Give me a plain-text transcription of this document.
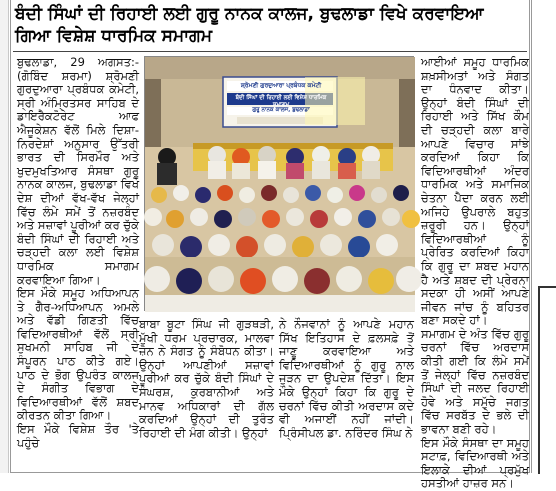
ਬੰਦੀ ਸਿੰਘਾਂ ਦੀ ਰਿਹਾਈ ਲਈ ਗੁਰੂ ਨਾਨਕ ਕਾਲਜ, ਬੁਢਲਾਡਾ ਵਿਖੇ ਕਰਵਾਇਆ ਗਿਆ ਵਿਸ਼ੇਸ਼ ਧਾਰਮਿਕ ਸਮਾਗਮ

ਬੁਢਲਾਡਾ, 29 ਅਗਸਤ:- (ਗੋਬਿੰਦ ਸ਼ਰਮਾ) ਸ਼੍ਰੋਮਣੀ ਗੁਰਦੁਆਰਾ ਪ੍ਰਬੰਧਕ ਕਮੇਟੀ, ਸ੍ਰੀ ਅੰਮ੍ਰਿਤਸਰ ਸਾਹਿਬ ਦੇ ਡਾਇਰੈਕਟੋਰੇਟ ਆਫ ਐਜੂਕੇਸ਼ਨ ਵੱਲੋਂ ਮਿਲੇ ਦਿਸ਼ਾ-ਨਿਰਦੇਸ਼ਾਂ ਅਨੁਸਾਰ ਉੱਤਰੀ ਭਾਰਤ ਦੀ ਸਿਰਮੌਰ ਅਤੇ ਖੁਦਮੁਖਤਿਆਰ ਸੰਸਥਾ ਗੁਰੂ ਨਾਨਕ ਕਾਲਜ, ਬੁਢਲਾਡਾ ਵਿਖੇ ਦੇਸ਼ ਦੀਆਂ ਵੱਖ-ਵੱਖ ਜੇਲ੍ਹਾਂ ਵਿੱਚ ਲੰਮੇ ਸਮੇਂ ਤੋਂ ਨਜ਼ਰਬੰਦ ਅਤੇ ਸਜ਼ਾਵਾਂ ਪੂਰੀਆਂ ਕਰ ਚੁੱਕੇ ਬੰਦੀ ਸਿੰਘਾਂ ਦੀ ਰਿਹਾਈ ਅਤੇ ਚੜ੍ਹਦੀ ਕਲਾ ਲਈ ਵਿਸ਼ੇਸ਼ ਧਾਰਮਿਕ ਸਮਾਗਮ ਕਰਵਾਇਆ ਗਿਆ।

ਇਸ ਮੌਕੇ ਸਮੂਹ ਅਧਿਆਪਨ ਤੇ ਗੈਰ-ਅਧਿਆਪਨ ਅਮਲੇ ਅਤੇ ਵੱਡੀ ਗਿਣਤੀ ਵਿੱਚ ਵਿਦਿਆਰਥੀਆਂ ਵੱਲੋਂ ਸ੍ਰੀ ਸੁਖਮਨੀ ਸਾਹਿਬ ਜੀ ਦੇ ਸੰਪੂਰਨ ਪਾਠ ਕੀਤੇ ਗਏ। ਪਾਠ ਦੇ ਭੋਗ ਉਪਰੰਤ ਕਾਲਜ ਦੇ ਸੰਗੀਤ ਵਿਭਾਗ ਦੇ ਵਿਦਿਆਰਥੀਆਂ ਵੱਲੋਂ ਸ਼ਬਦ ਕੀਰਤਨ ਕੀਤਾ ਗਿਆ।

ਇਸ ਮੌਕੇ ਵਿਸ਼ੇਸ਼ ਤੌਰ 'ਤੇ ਪਹੁੰਚੇ

ਸ਼੍ਰੋਮਣੀ ਗੁਰਦੁਆਰਾ ਪ੍ਰਬੰਧਕ ਕਮੇਟੀ
ਬੰਦੀ ਸਿੰਘਾਂ ਦੀ ਰਿਹਾਈ ਲਈ ਵਿਸ਼ੇਸ਼ ਧਾਰਮਿਕ ਸਮਾਗਮ
ਗੁਰੂ ਨਾਨਕ ਕਾਲਜ, ਬੁਢਲਾਡਾ

ਬਾਬਾ ਬੂਟਾ ਸਿੰਘ ਜੀ ਗੁੜਥੜੀ, ਮੁੱਖੀ ਧਰਮ ਪ੍ਰਚਾਰਕ, ਮਾਲਵਾ ਜ਼ੋਨ ਨੇ ਸੰਗਤ ਨੂੰ ਸੰਬੋਧਨ ਕੀਤਾ। ਉਨ੍ਹਾਂ ਆਪਣੀਆਂ ਸਜ਼ਾਵਾਂ ਪੂਰੀਆਂ ਕਰ ਚੁੱਕੇ ਬੰਦੀ ਸਿੰਘਾਂ ਦੇ ਸੰਘਰਸ਼, ਕੁਰਬਾਨੀਆਂ ਅਤੇ ਮਾਨਵ ਅਧਿਕਾਰਾਂ ਦੀ ਗੱਲ ਕਰਦਿਆਂ ਉਨ੍ਹਾਂ ਦੀ ਤੁਰੰਤ ਰਿਹਾਈ ਦੀ ਮੰਗ ਕੀਤੀ। ਉਨ੍ਹਾਂ

ਨੇ ਨੌਜਵਾਨਾਂ ਨੂੰ ਆਪਣੇ ਮਹਾਨ ਸਿੱਖ ਇਤਿਹਾਸ ਦੇ ਫ਼ਲਸਫ਼ੇ ਤੋਂ ਜਾਣੂ ਕਰਵਾਇਆ ਅਤੇ ਵਿਦਿਆਰਥੀਆਂ ਨੂੰ ਗੁਰੂ ਨਾਲ ਜੁੜਨ ਦਾ ਉਪਦੇਸ਼ ਦਿੱਤਾ। ਇਸ ਮੌਕੇ ਉਨ੍ਹਾਂ ਕਿਹਾ ਕਿ ਗੁਰੂ ਦੇ ਚਰਨਾਂ ਵਿੱਚ ਕੀਤੀ ਅਰਦਾਸ ਕਦੇ ਵੀ ਅਜਾਈਂ ਨਹੀਂ ਜਾਂਦੀ। ਪ੍ਰਿੰਸੀਪਲ ਡਾ. ਨਰਿੰਦਰ ਸਿੰਘ ਨੇ

ਆਈਆਂ ਸਮੂਹ ਧਾਰਮਿਕ ਸ਼ਖ਼ਸੀਅਤਾਂ ਅਤੇ ਸੰਗਤ ਦਾ ਧੰਨਵਾਦ ਕੀਤਾ। ਉਨ੍ਹਾਂ ਬੰਦੀ ਸਿੰਘਾਂ ਦੀ ਰਿਹਾਈ ਅਤੇ ਸਿੱਖ ਕੌਮ ਦੀ ਚੜ੍ਹਦੀ ਕਲਾ ਬਾਰੇ ਆਪਣੇ ਵਿਚਾਰ ਸਾਂਝੇ ਕਰਦਿਆਂ ਕਿਹਾ ਕਿ ਵਿਦਿਆਰਥੀਆਂ ਅੰਦਰ ਧਾਰਮਿਕ ਅਤੇ ਸਮਾਜਿਕ ਚੇਤਨਾ ਪੈਦਾ ਕਰਨ ਲਈ ਅਜਿਹੇ ਉਪਰਾਲੇ ਬਹੁਤ ਜ਼ਰੂਰੀ ਹਨ। ਉਨ੍ਹਾਂ ਵਿਦਿਆਰਥੀਆਂ ਨੂੰ ਪ੍ਰੇਰਿਤ ਕਰਦਿਆਂ ਕਿਹਾ ਕਿ ਗੁਰੂ ਦਾ ਸ਼ਬਦ ਮਹਾਨ ਹੈ ਅਤੇ ਸ਼ਬਦ ਦੀ ਪ੍ਰੇਰਨਾ ਸਦਕਾ ਹੀ ਅਸੀਂ ਆਪਣੇ ਜੀਵਨ ਜਾਂਚ ਨੂੰ ਬਹਿਤਰ ਬਣਾ ਸਕਦੇ ਹਾਂ।

ਸਮਾਗਮ ਦੇ ਅੰਤ ਵਿੱਚ ਗੁਰੂ ਚਰਨਾਂ ਵਿੱਚ ਅਰਦਾਸ ਕੀਤੀ ਗਈ ਕਿ ਲੰਮੇ ਸਮੇਂ ਤੋਂ ਜੇਲ੍ਹਾਂ ਵਿੱਚ ਨਜ਼ਰਬੰਦ ਸਿੰਘਾਂ ਦੀ ਜਲਦ ਰਿਹਾਈ ਹੋਵੇ ਅਤੇ ਸਮੁੱਚੇ ਜਗਤ ਵਿੱਚ ਸਰਬੱਤ ਦੇ ਭਲੇ ਦੀ ਭਾਵਨਾ ਬਣੀ ਰਹੇ।

ਇਸ ਮੌਕੇ ਸੰਸਥਾ ਦਾ ਸਮੂਹ ਸਟਾਫ਼, ਵਿਦਿਆਰਥੀ ਅਤੇ ਇਲਾਕੇ ਦੀਆਂ ਪ੍ਰਮੁੱਖ ਹਸਤੀਆਂ ਹਾਜ਼ਰ ਸਨ।
